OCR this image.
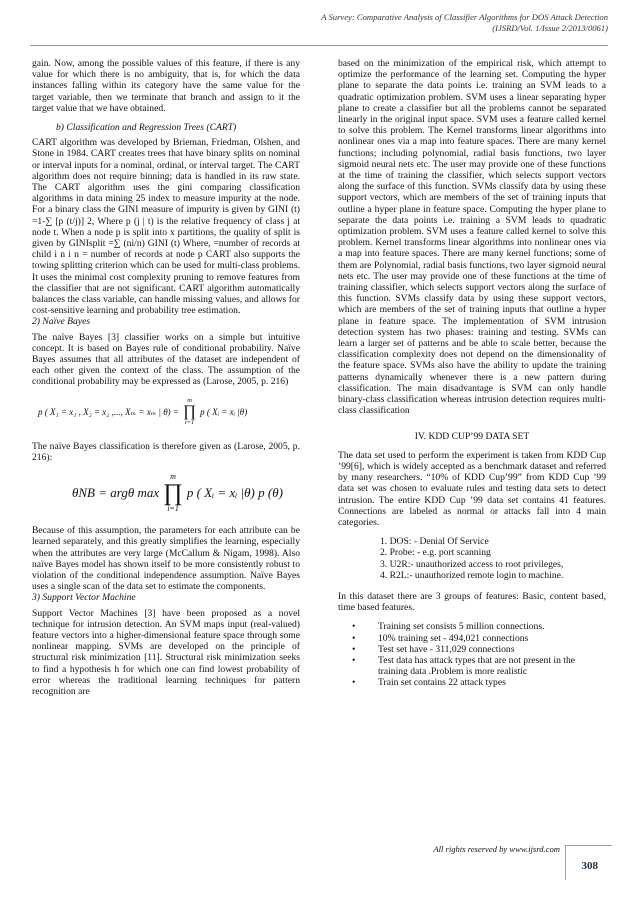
A Survey: Comparative Analysis of Classifier Algorithms for DOS Attack Detection
(IJSRD/Vol. 1/Issue 2/2013/0061)

gain. Now, among the possible values of this feature, if there is any value for which there is no ambiguity, that is, for which the data instances falling within its category have the same value for the target variable, then we terminate that branch and assign to it the target value that we have obtained.

b) Classification and Regression Trees (CART)

CART algorithm was developed by Brieman, Friedman, Olshen, and Stone in 1984. CART creates trees that have binary splits on nominal or interval inputs for a nominal, ordinal, or interval target. The CART algorithm does not require binning; data is handled in its raw state. The CART algorithm uses the gini comparing classification algorithms in data mining 25 index to measure impurity at the node. For a binary class the GINI measure of impurity is given by GINI (t) =1-∑ [p (t/j)] 2, Where p (j | t) is the relative frequency of class j at node t. When a node p is split into x partitions, the quality of split is given by GINIsplit =∑ (ni/n) GINI (t) Where, =number of records at child i n i n = number of records at node p CART also supports the towing splitting criterion which can be used for multi-class problems. It uses the minimal cost complexity pruning to remove features from the classifier that are not significant. CART algorithm automatically balances the class variable, can handle missing values, and allows for cost-sensitive learning and probability tree estimation.

2) Naïve Bayes

The naïve Bayes [3] classifier works on a simple but intuitive concept. It is based on Bayes rule of conditional probability. Naïve Bayes assumes that all attributes of the dataset are independent of each other given the context of the class. The assumption of the conditional probability may be expressed as (Larose, 2005, p. 216)

p ( X₁ = x₁ , X₂ = x₂ ,..., Xₘ = xₘ | θ) =
m
∏
i=1
p ( Xᵢ = xᵢ |θ)

The naïve Bayes classification is therefore given as (Larose, 2005, p. 216):

θNB = argθ max
m
∏
i=1
p ( Xᵢ = xᵢ |θ) p (θ)

Because of this assumption, the parameters for each attribute can be learned separately, and this greatly simplifies the learning, especially when the attributes are very large (McCallum & Nigam, 1998). Also naïve Bayes model has shown itself to be more consistently robust to violation of the conditional independence assumption. Naïve Bayes uses a single scan of the data set to estimate the components.

3) Support Vector Machine

Support Vector Machines [3] have been proposed as a novel technique for intrusion detection. An SVM maps input (real-valued) feature vectors into a higher-dimensional feature space through some nonlinear mapping. SVMs are developed on the principle of structural risk minimization [11]. Structural risk minimization seeks to find a hypothesis h for which one can find lowest probability of error whereas the traditional learning techniques for pattern recognition are

based on the minimization of the empirical risk, which attempt to optimize the performance of the learning set. Computing the hyper plane to separate the data points i.e. training an SVM leads to a quadratic optimization problem. SVM uses a linear separating hyper plane to create a classifier but all the problems cannot be separated linearly in the original input space. SVM uses a feature called kernel to solve this problem. The Kernel transforms linear algorithms into nonlinear ones via a map into feature spaces. There are many kernel functions; including polynomial, radial basis functions, two layer sigmoid neural nets etc. The user may provide one of these functions at the time of training the classifier, which selects support vectors along the surface of this function. SVMs classify data by using these support vectors, which are members of the set of training inputs that outline a hyper plane in feature space. Computing the hyper plane to separate the data points i.e. training a SVM leads to quadratic optimization problem. SVM uses a feature called kernel to solve this problem. Kernel transforms linear algorithms into nonlinear ones via a map into feature spaces. There are many kernel functions; some of them are Polynomial, radial basis functions, two layer sigmoid neural nets etc. The user may provide one of these functions at the time of training classifier, which selects support vectors along the surface of this function. SVMs classify data by using these support vectors, which are members of the set of training inputs that outline a hyper plane in feature space. The implementation of SVM intrusion detection system has two phases: training and testing. SVMs can learn a larger set of patterns and be able to scale better, because the classification complexity does not depend on the dimensionality of the feature space. SVMs also have the ability to update the training patterns dynamically whenever there is a new pattern during classification. The main disadvantage is SVM can only handle binary-class classification whereas intrusion detection requires multi-class classification

IV. KDD CUP’99 DATA SET

The data set used to perform the experiment is taken from KDD Cup ’99[6], which is widely accepted as a benchmark dataset and referred by many researchers. “10% of KDD Cup’99” from KDD Cup ’99 data set was chosen to evaluate rules and testing data sets to detect intrusion. The entire KDD Cup ’99 data set contains 41 features. Connections are labeled as normal or attacks fall into 4 main categories.

1. DOS: - Denial Of Service
2. Probe: - e.g. port scanning
3. U2R:- unauthorized access to root privileges,
4. R2L:- unauthorized remote login to machine.

In this dataset there are 3 groups of features: Basic, content based, time based features.

• Training set consists 5 million connections.
• 10% training set - 494,021 connections
• Test set have - 311,029 connections
• Test data has attack types that are not present in the training data .Problem is more realistic
• Train set contains 22 attack types
All rights reserved by www.ijsrd.com
308
